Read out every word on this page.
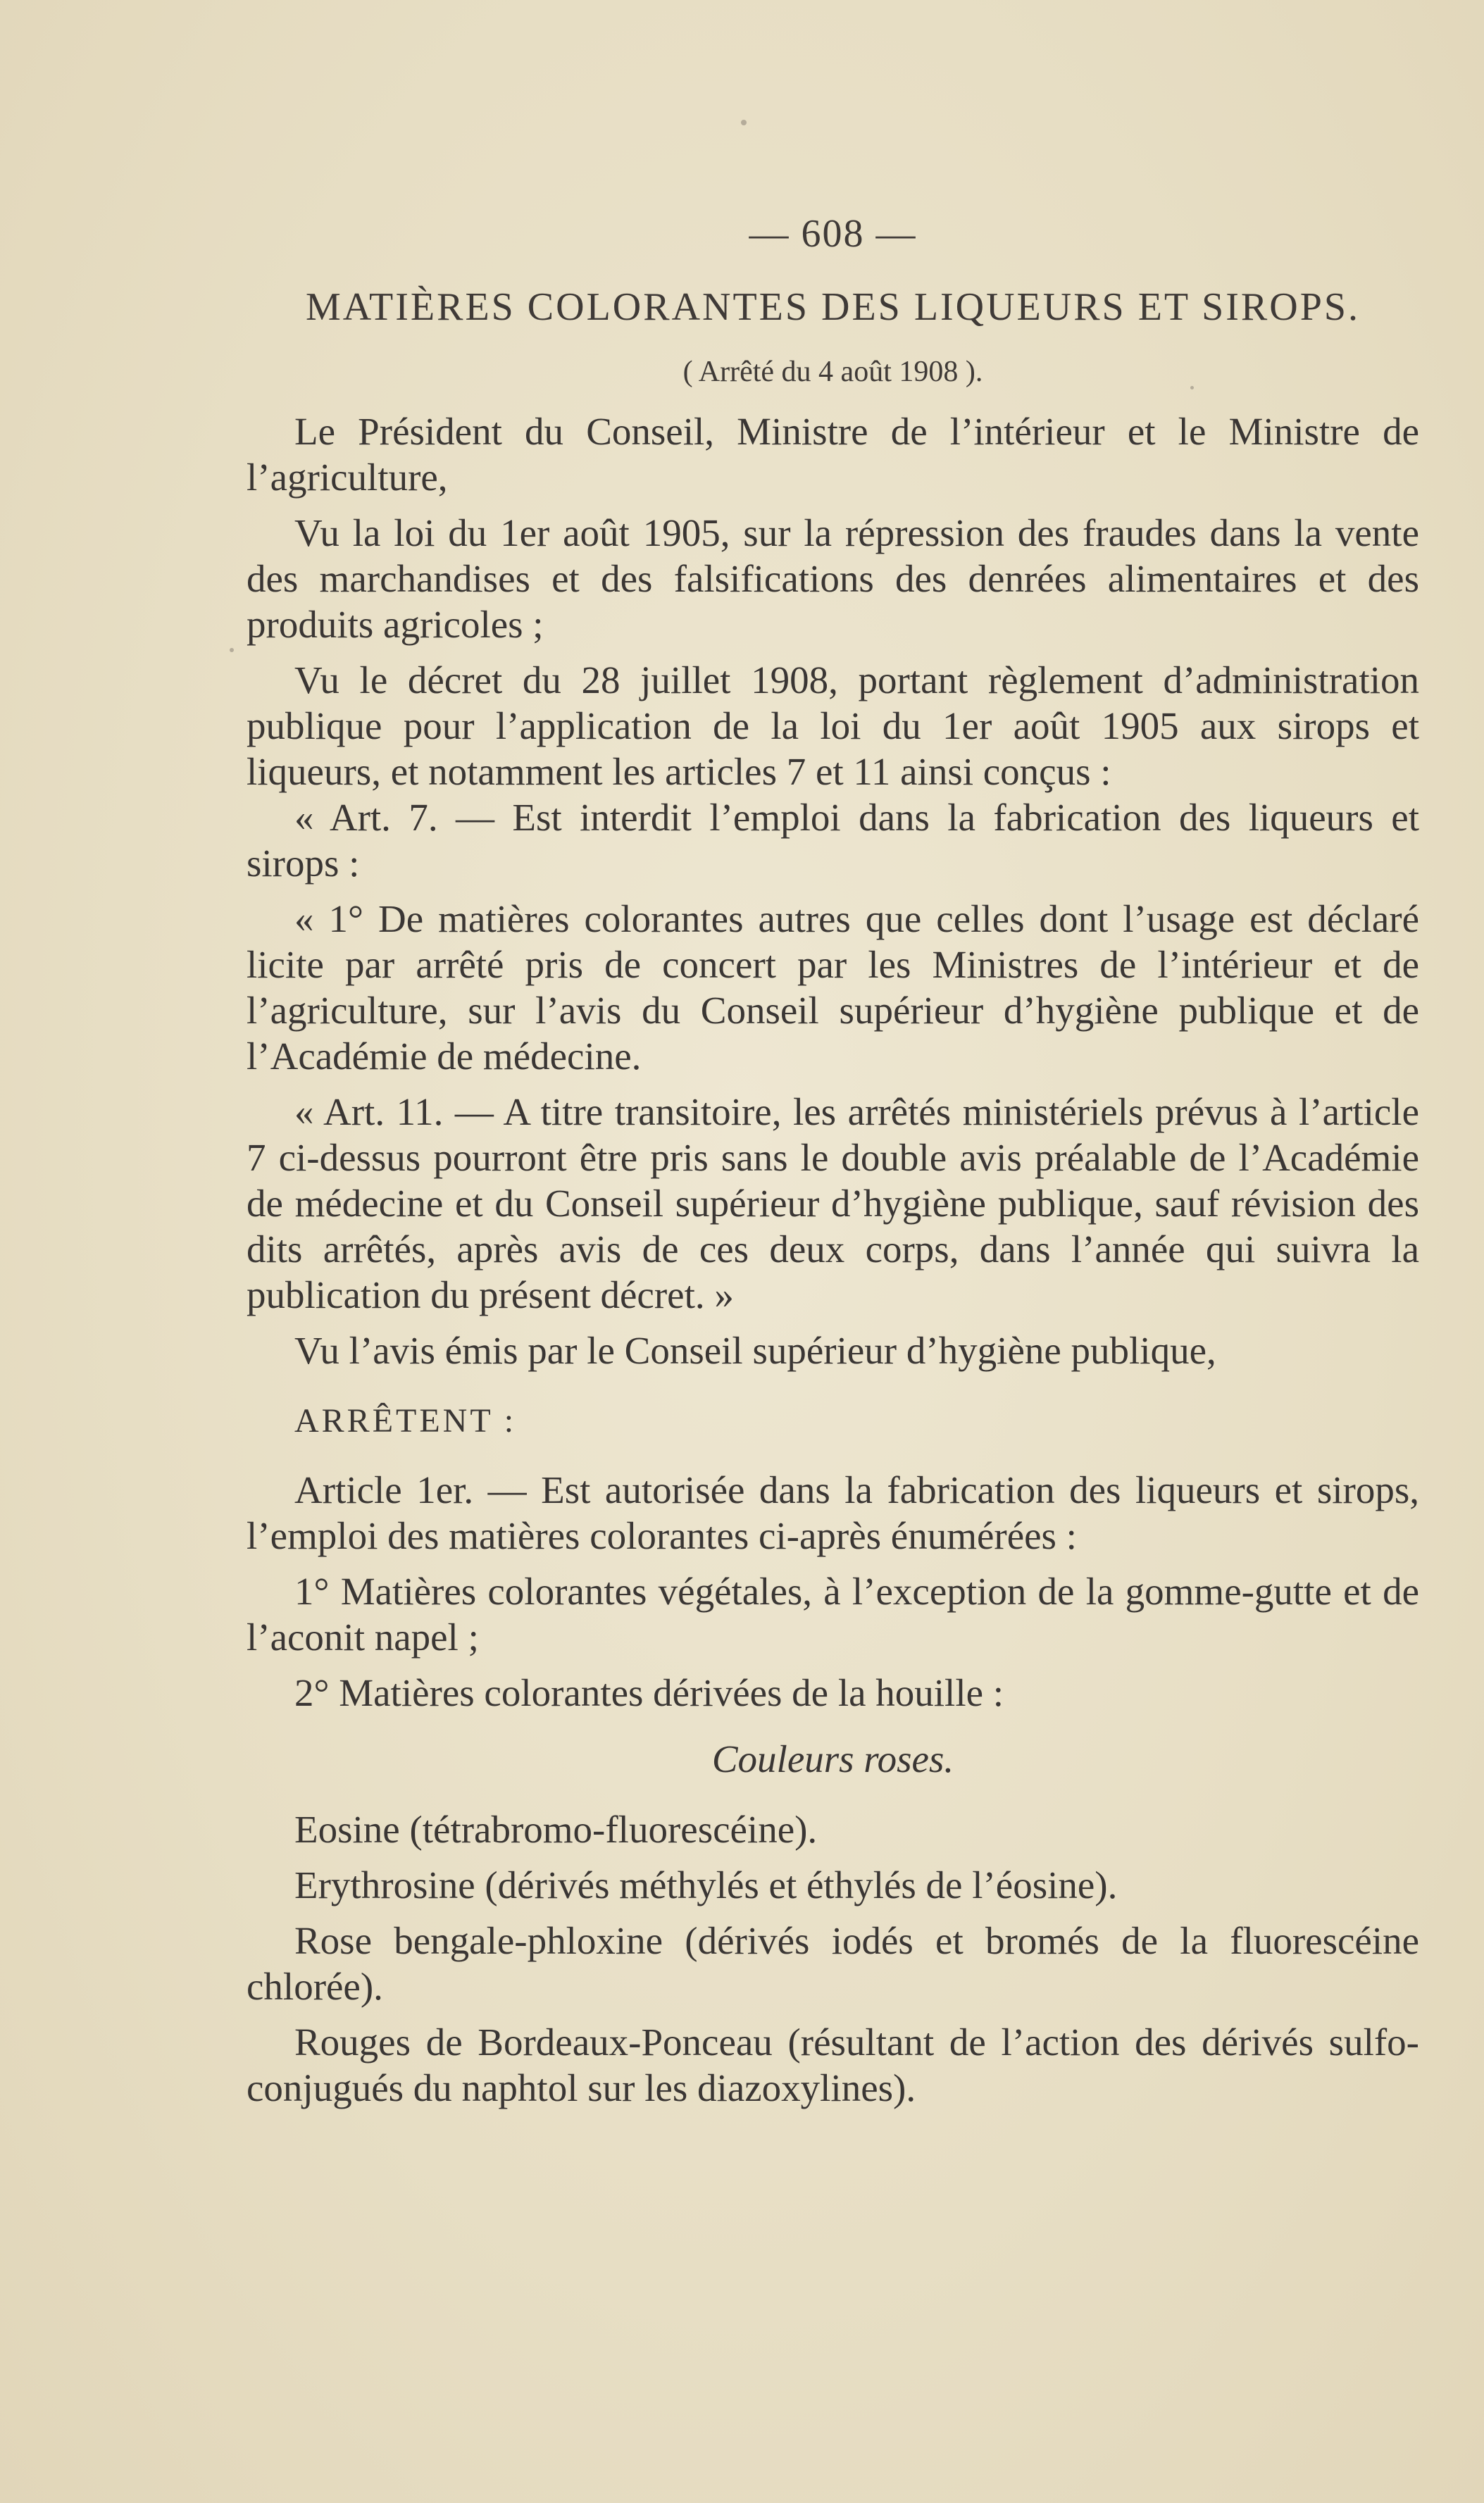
— 608 —
MATIÈRES COLORANTES DES LIQUEURS ET SIROPS.
( Arrêté du 4 août 1908 ).

Le Président du Conseil, Ministre de l’intérieur et le Ministre de l’agriculture,

Vu la loi du 1er août 1905, sur la répression des fraudes dans la vente des marchandises et des falsifications des denrées alimentaires et des produits agricoles ;

Vu le décret du 28 juillet 1908, portant règlement d’administration publique pour l’application de la loi du 1er août 1905 aux sirops et liqueurs, et notamment les articles 7 et 11 ainsi conçus :

« Art. 7. — Est interdit l’emploi dans la fabrication des liqueurs et sirops :

« 1° De matières colorantes autres que celles dont l’usage est déclaré licite par arrêté pris de concert par les Ministres de l’intérieur et de l’agriculture, sur l’avis du Conseil supérieur d’hygiène publique et de l’Académie de médecine.

« Art. 11. — A titre transitoire, les arrêtés ministériels prévus à l’article 7 ci-dessus pourront être pris sans le double avis préalable de l’Académie de médecine et du Conseil supérieur d’hygiène publique, sauf révision des dits arrêtés, après avis de ces deux corps, dans l’année qui suivra la publication du présent décret. »

Vu l’avis émis par le Conseil supérieur d’hygiène publique,

ARRÊTENT :

Article 1er. — Est autorisée dans la fabrication des liqueurs et sirops, l’emploi des matières colorantes ci-après énumérées :

1° Matières colorantes végétales, à l’exception de la gomme-gutte et de l’aconit napel ;

2° Matières colorantes dérivées de la houille :

Couleurs roses.

Eosine (tétrabromo-fluorescéine).

Erythrosine (dérivés méthylés et éthylés de l’éosine).

Rose bengale-phloxine (dérivés iodés et bromés de la fluorescéine chlorée).

Rouges de Bordeaux-Ponceau (résultant de l’action des dérivés sulfo-conjugués du naphtol sur les diazoxylines).
